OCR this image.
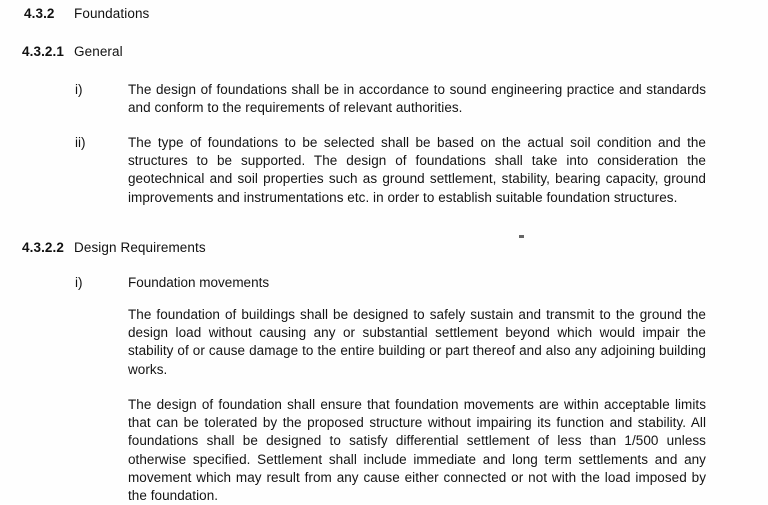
4.3.2	Foundations
4.3.2.1 General
i)	The design of foundations shall be in accordance to sound engineering practice and standards and conform to the requirements of relevant authorities.

ii)	The type of foundations to be selected shall be based on the actual soil condition and the structures to be supported. The design of foundations shall take into consideration the geotechnical and soil properties such as ground settlement, stability, bearing capacity, ground improvements and instrumentations etc. in order to establish suitable foundation structures.

4.3.2.2 Design Requirements
i)	Foundation movements

The foundation of buildings shall be designed to safely sustain and transmit to the ground the design load without causing any or substantial settlement beyond which would impair the stability of or cause damage to the entire building or part thereof and also any adjoining building works.

The design of foundation shall ensure that foundation movements are within acceptable limits that can be tolerated by the proposed structure without impairing its function and stability. All foundations shall be designed to satisfy differential settlement of less than 1/500 unless otherwise specified. Settlement shall include immediate and long term settlements and any movement which may result from any cause either connected or not with the load imposed by the foundation.
